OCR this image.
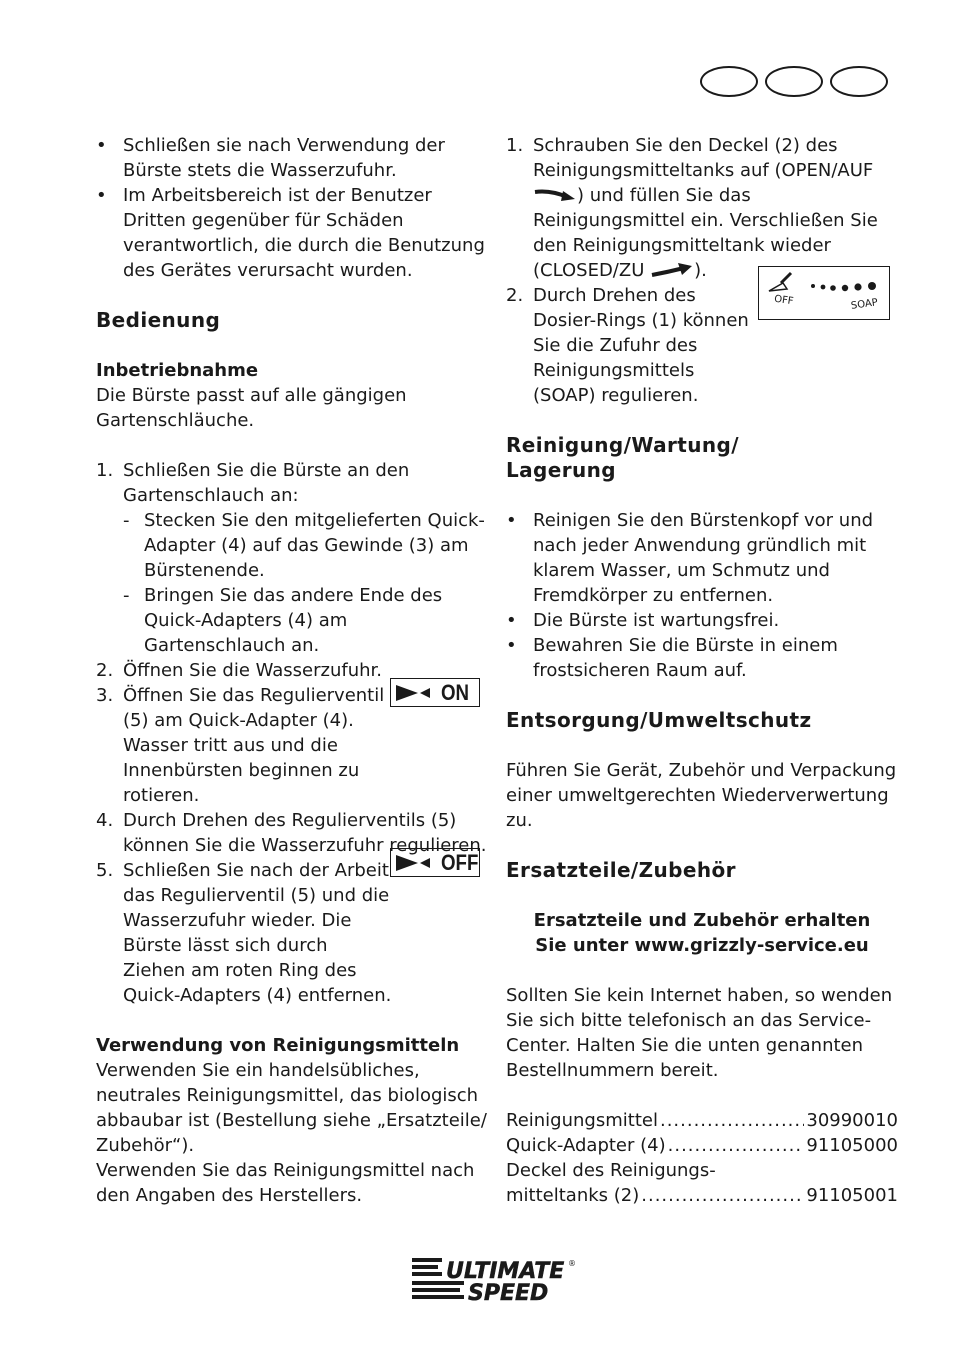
• Schließen sie nach Verwendung der Bürste stets die Wasserzufuhr.

• Im Arbeitsbereich ist der Benutzer Dritten gegenüber für Schäden verantwortlich, die durch die Benutzung des Gerätes verursacht wurden.

Bedienung

Inbetriebnahme

Die Bürste passt auf alle gängigen Gartenschläuche.

1. Schließen Sie die Bürste an den Gartenschlauch an:

- Stecken Sie den mitgelieferten Quick-Adapter (4) auf das Gewinde (3) am Bürstenende.

- Bringen Sie das andere Ende des Quick-Adapters (4) am Gartenschlauch an.

2. Öffnen Sie die Wasserzufuhr.

3. Öffnen Sie das Regulierventil (5) am Quick-Adapter (4). Wasser tritt aus und die Innenbürsten beginnen zu rotieren.

4. Durch Drehen des Regulierventils (5) können Sie die Wasserzufuhr regulieren.

5. Schließen Sie nach der Arbeit das Regulierventil (5) und die Wasserzufuhr wieder. Die Bürste lässt sich durch Ziehen am roten Ring des Quick-Adapters (4) entfernen.

Verwendung von Reinigungsmitteln

Verwenden Sie ein handelsübliches, neutrales Reinigungsmittel, das biologisch abbaubar ist (Bestellung siehe „Ersatzteile/ Zubehör“).

Verwenden Sie das Reinigungsmittel nach den Angaben des Herstellers.

ON
OFF
1. Schrauben Sie den Deckel (2) des Reinigungsmitteltanks auf (OPEN/AUF
) und füllen Sie das Reinigungsmittel ein. Verschließen Sie den Reinigungsmitteltank wieder (CLOSED/ZU	).

2. Durch Drehen des Dosier-Rings (1) können Sie die Zufuhr des Reinigungsmittels (SOAP) regulieren.

Reinigung/Wartung/ Lagerung

• Reinigen Sie den Bürstenkopf vor und nach jeder Anwendung gründlich mit klarem Wasser, um Schmutz und Fremdkörper zu entfernen.

• Die Bürste ist wartungsfrei.

• Bewahren Sie die Bürste in einem frostsicheren Raum auf.

Entsorgung/Umweltschutz

Führen Sie Gerät, Zubehör und Verpackung einer umweltgerechten Wiederverwertung zu.

Ersatzteile/Zubehör

Ersatzteile und Zubehör erhalten Sie unter www.grizzly-service.eu

Sollten Sie kein Internet haben, so wenden Sie sich bitte telefonisch an das Service-Center. Halten Sie die unten genannten Bestellnummern bereit.

Reinigungsmittel .....	30990010
Quick-Adapter (4) .....	91105000
Deckel des Reinigungs-
mitteltanks (2) .....	91105001
OFF	SOAP
ULTIMATE
SPEED
®
